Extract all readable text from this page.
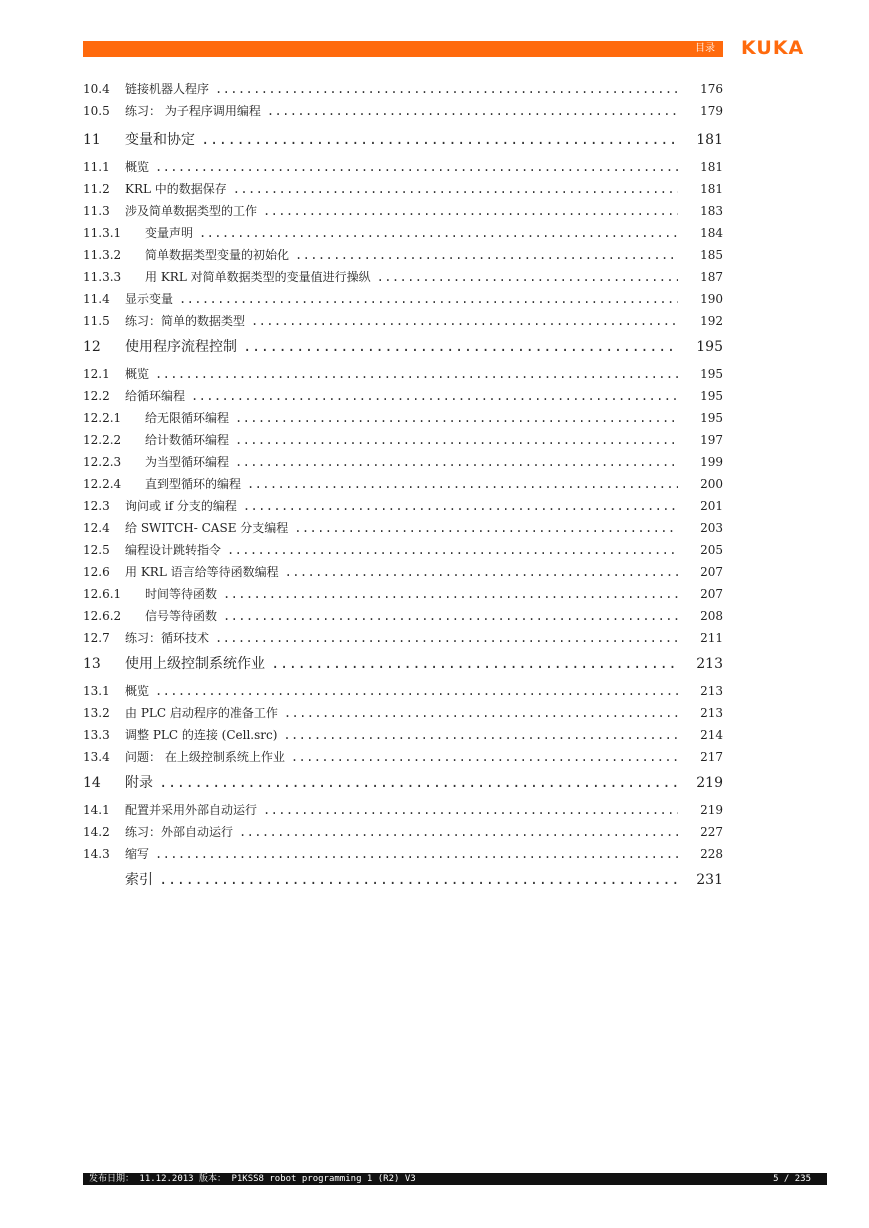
目录 KUKA
10.4	链接机器人程序 .....	176
10.5	练习： 为子程序调用编程 .....	179
11	变量和协定 .....	181
11.1	概览 .....	181
11.2	KRL 中的数据保存 .....	181
11.3	涉及简单数据类型的工作 .....	183
11.3.1	变量声明 .....	184
11.3.2	简单数据类型变量的初始化 .....	185
11.3.3	用 KRL 对简单数据类型的变量值进行操纵 .....	187
11.4	显示变量 .....	190
11.5	练习：简单的数据类型 .....	192
12	使用程序流程控制 .....	195
12.1	概览 .....	195
12.2	给循环编程 .....	195
12.2.1	给无限循环编程 .....	195
12.2.2	给计数循环编程 .....	197
12.2.3	为当型循环编程 .....	199
12.2.4	直到型循环的编程 .....	200
12.3	询问或 if 分支的编程 .....	201
12.4	给 SWITCH- CASE 分支编程 .....	203
12.5	编程设计跳转指令 .....	205
12.6	用 KRL 语言给等待函数编程 .....	207
12.6.1	时间等待函数 .....	207
12.6.2	信号等待函数 .....	208
12.7	练习：循环技术 .....	211
13	使用上级控制系统作业 .....	213
13.1	概览 .....	213
13.2	由 PLC 启动程序的准备工作 .....	213
13.3	调整 PLC 的连接 (Cell.src) .....	214
13.4	问题： 在上级控制系统上作业 .....	217
14	附录 .....	219
14.1	配置并采用外部自动运行 .....	219
14.2	练习：外部自动运行 .....	227
14.3	缩写 .....	228
索引 .....	231
发布日期： 11.12.2013 版本： P1KSS8 robot programming 1 (R2) V3	5 / 235
